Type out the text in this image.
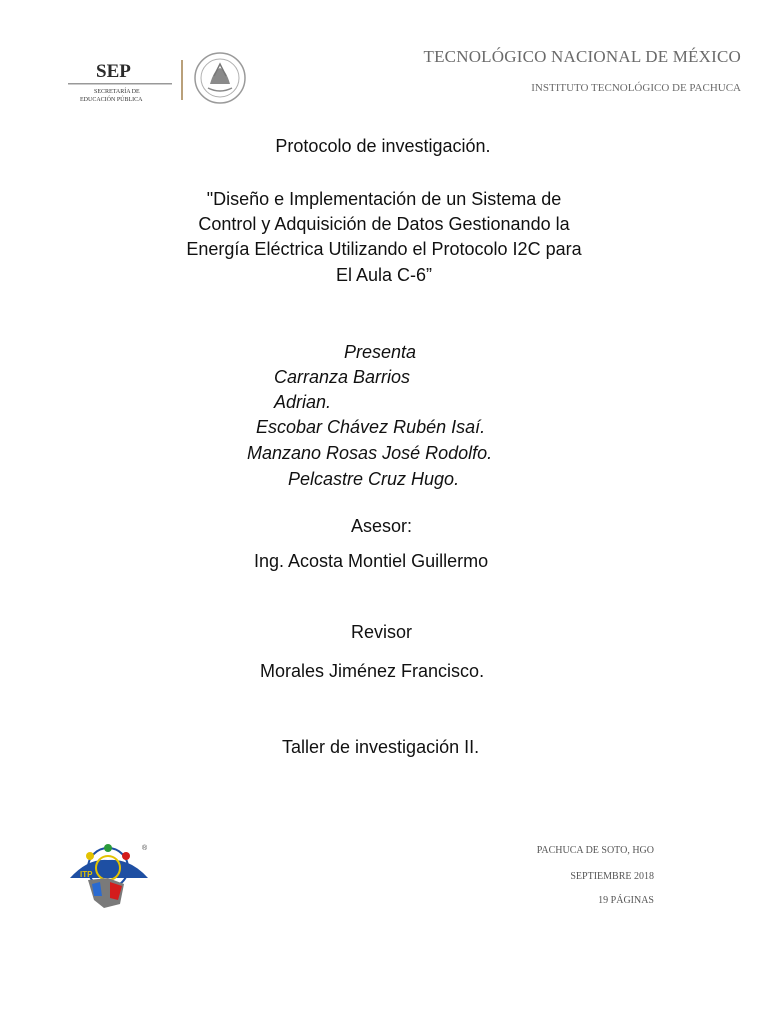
SEP
SECRETARÍA DE
EDUCACIÓN PÚBLICA
TECNOLÓGICO NACIONAL DE MÉXICO
INSTITUTO TECNOLÓGICO DE PACHUCA
Protocolo de investigación.
"Diseño e Implementación de un Sistema de
Control y Adquisición de Datos Gestionando la
Energía Eléctrica Utilizando el Protocolo I2C para
El Aula C-6”
Presenta
Carranza Barrios
Adrian.
Escobar Chávez Rubén Isaí.
Manzano Rosas José Rodolfo.
Pelcastre Cruz Hugo.
Asesor:
Ing. Acosta Montiel Guillermo
Revisor
Morales Jiménez Francisco.
Taller de investigación II.
ITP
®	PACHUCA DE SOTO, HGO
SEPTIEMBRE 2018
19 PÁGINAS
